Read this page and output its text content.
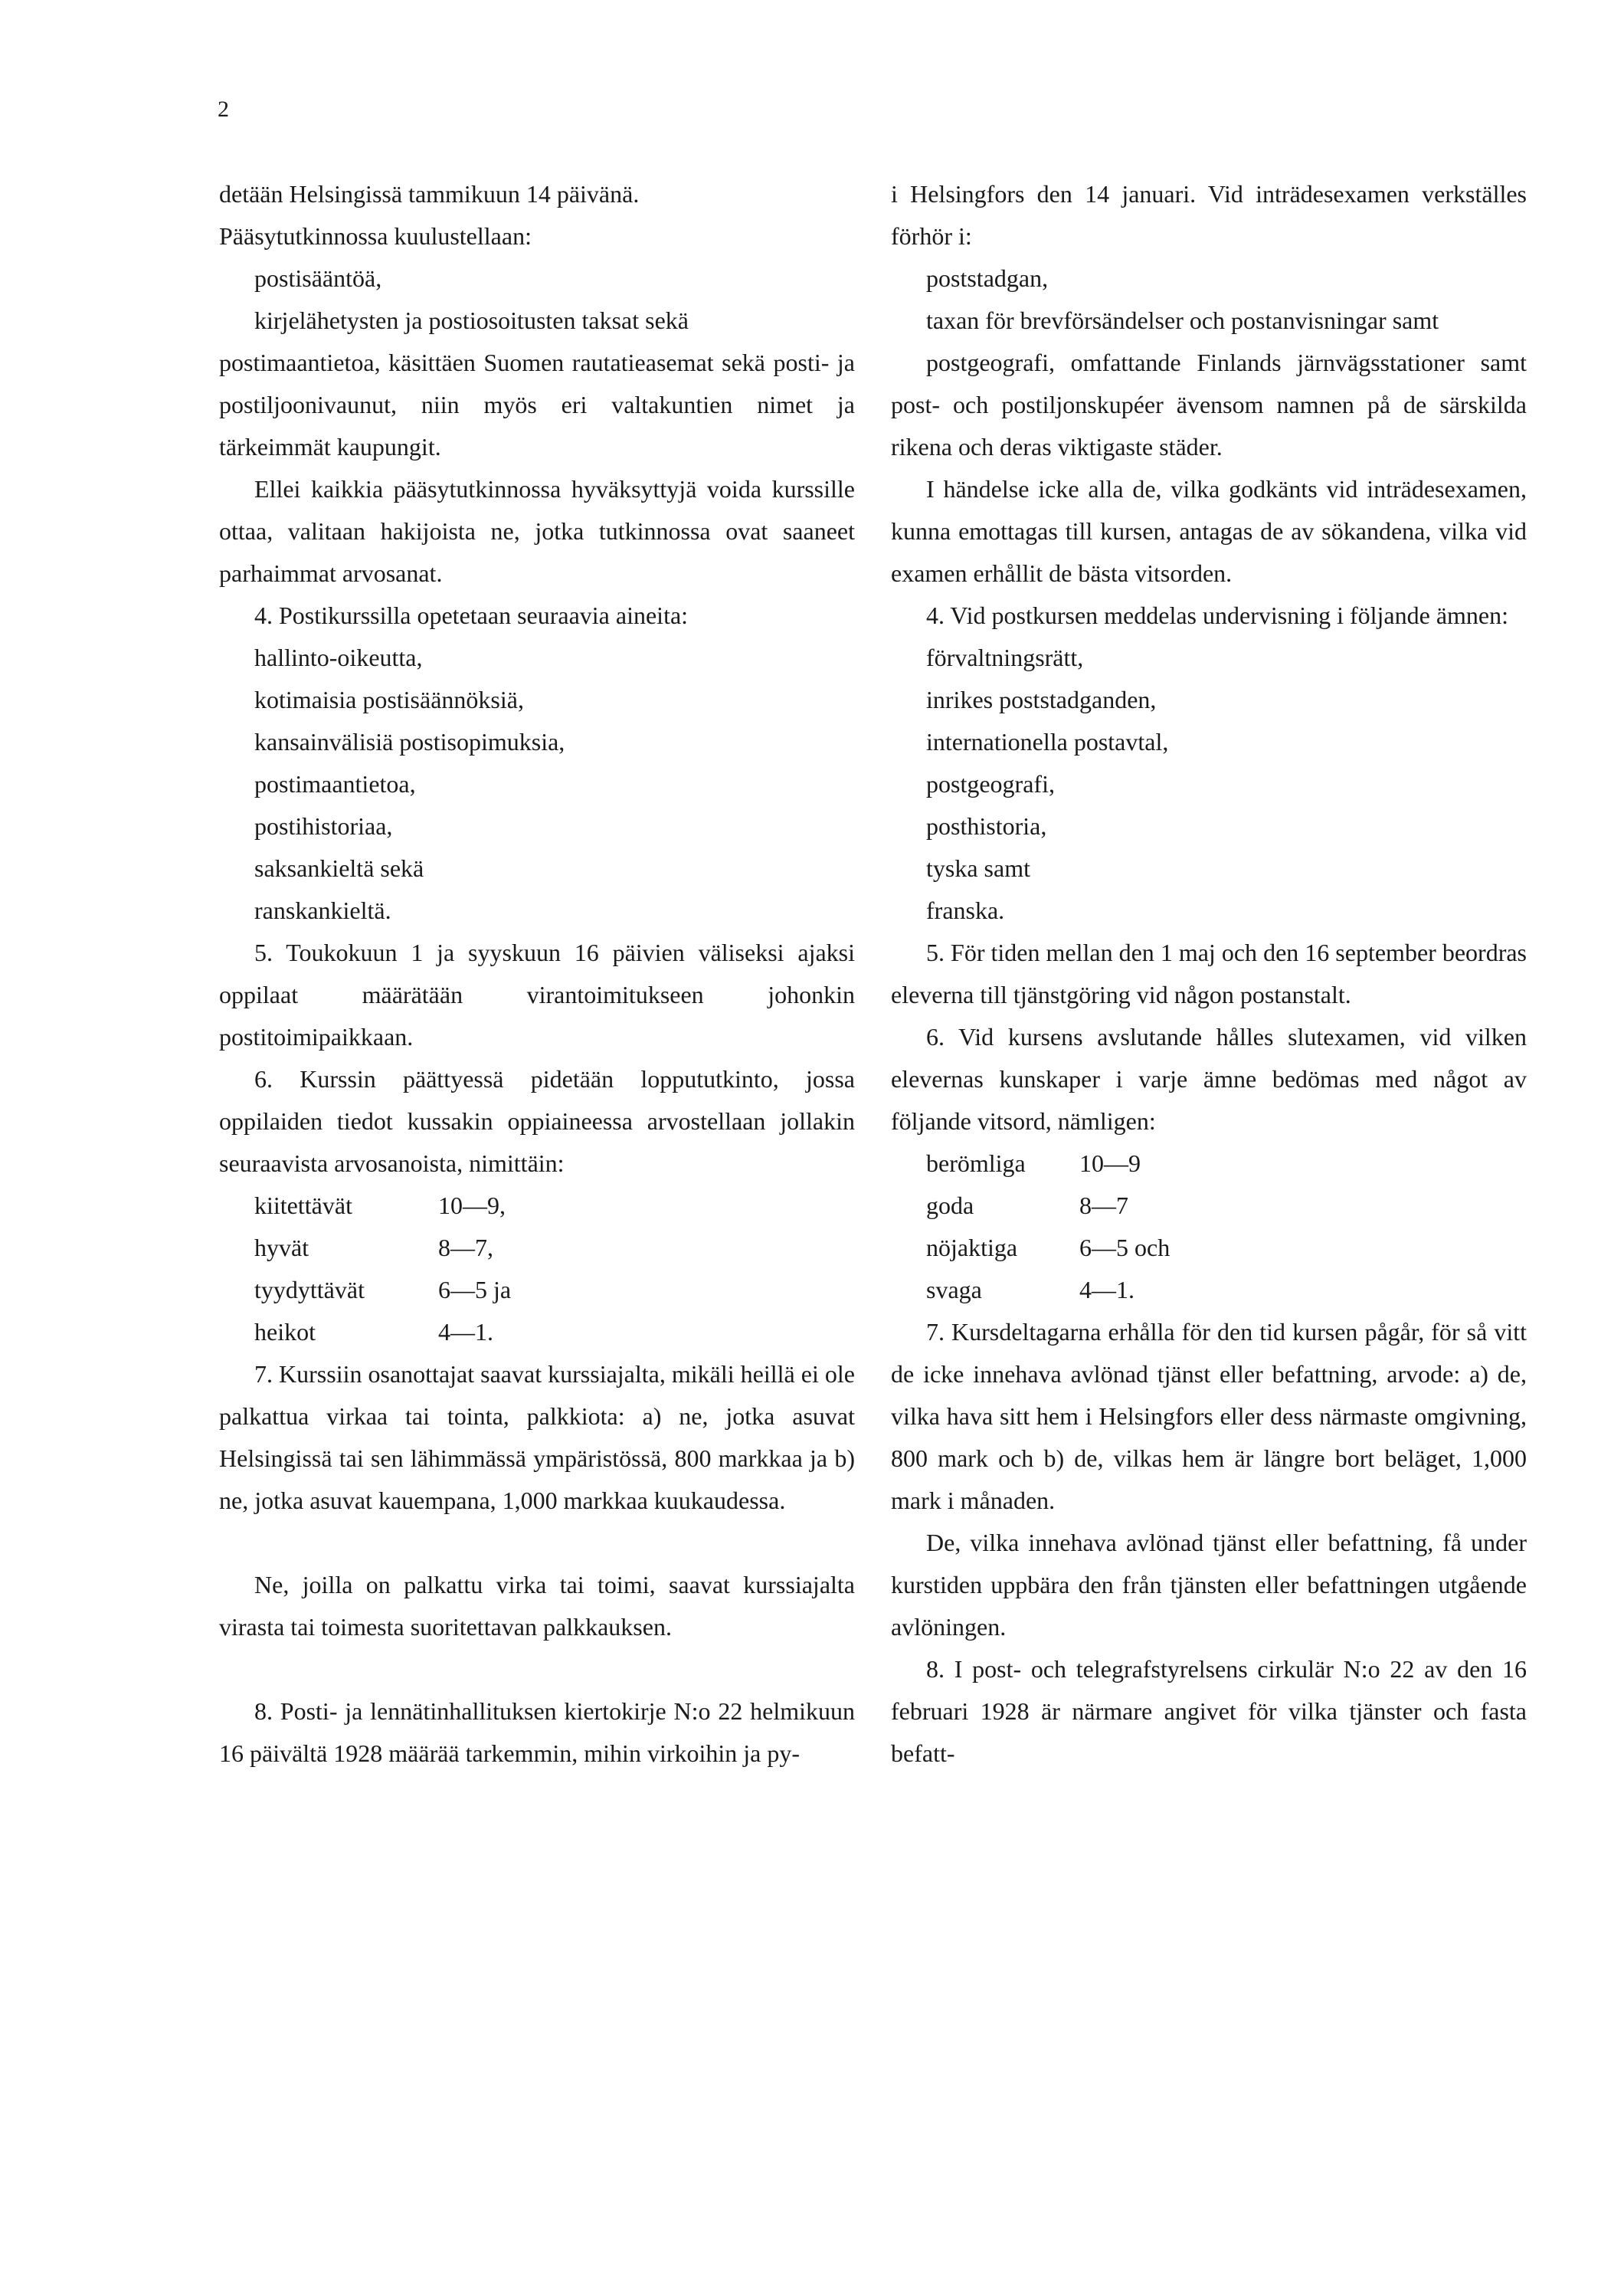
2

detään Helsingissä tammikuun 14 päivänä.

Pääsytutkinnossa kuulustellaan:

postisääntöä,

kirjelähetysten ja postiosoitusten taksat sekä

postimaantietoa, käsittäen Suomen rautatieasemat sekä posti- ja postiljoonivaunut, niin myös eri valtakuntien nimet ja tärkeimmät kaupungit.

Ellei kaikkia pääsytutkinnossa hyväksyttyjä voida kurssille ottaa, valitaan hakijoista ne, jotka tutkinnossa ovat saaneet parhaimmat arvosanat.

4. Postikurssilla opetetaan seuraavia aineita:

hallinto-oikeutta,

kotimaisia postisäännöksiä,

kansainvälisiä postisopimuksia,

postimaantietoa,

postihistoriaa,

saksankieltä sekä

ranskankieltä.

5. Toukokuun 1 ja syyskuun 16 päivien väliseksi ajaksi oppilaat määrätään virantoimitukseen johonkin postitoimipaikkaan.

6. Kurssin päättyessä pidetään loppututkinto, jossa oppilaiden tiedot kussakin oppiaineessa arvostellaan jollakin seuraavista arvosanoista, nimittäin:

kiitettävät	10—9,
hyvät	8—7,
tyydyttävät	6—5 ja
heikot	4—1.

7. Kurssiin osanottajat saavat kurssiajalta, mikäli heillä ei ole palkattua virkaa tai tointa, palkkiota: a) ne, jotka asuvat Helsingissä tai sen lähimmässä ympäristössä, 800 markkaa ja b) ne, jotka asuvat kauempana, 1,000 markkaa kuukaudessa.

Ne, joilla on palkattu virka tai toimi, saavat kurssiajalta virasta tai toimesta suoritettavan palkkauksen.

8. Posti- ja lennätinhallituksen kiertokirje N:o 22 helmikuun 16 päivältä 1928 määrää tarkemmin, mihin virkoihin ja py-

i Helsingfors den 14 januari. Vid inträdesexamen verkställes förhör i:

poststadgan,

taxan för brevförsändelser och postanvisningar samt

postgeografi, omfattande Finlands järnvägsstationer samt post- och postiljonskupéer ävensom namnen på de särskilda rikena och deras viktigaste städer.

I händelse icke alla de, vilka godkänts vid inträdesexamen, kunna emottagas till kursen, antagas de av sökandena, vilka vid examen erhållit de bästa vitsorden.

4. Vid postkursen meddelas undervisning i följande ämnen:

förvaltningsrätt,

inrikes poststadganden,

internationella postavtal,

postgeografi,

posthistoria,

tyska samt

franska.

5. För tiden mellan den 1 maj och den 16 september beordras eleverna till tjänstgöring vid någon postanstalt.

6. Vid kursens avslutande hålles slutexamen, vid vilken elevernas kunskaper i varje ämne bedömas med något av följande vitsord, nämligen:

berömliga	10—9
goda	8—7
nöjaktiga	6—5 och
svaga	4—1.

7. Kursdeltagarna erhålla för den tid kursen pågår, för så vitt de icke innehava avlönad tjänst eller befattning, arvode: a) de, vilka hava sitt hem i Helsingfors eller dess närmaste omgivning, 800 mark och b) de, vilkas hem är längre bort beläget, 1,000 mark i månaden.

De, vilka innehava avlönad tjänst eller befattning, få under kurstiden uppbära den från tjänsten eller befattningen utgående avlöningen.

8. I post- och telegrafstyrelsens cirkulär N:o 22 av den 16 februari 1928 är närmare angivet för vilka tjänster och fasta befatt-
